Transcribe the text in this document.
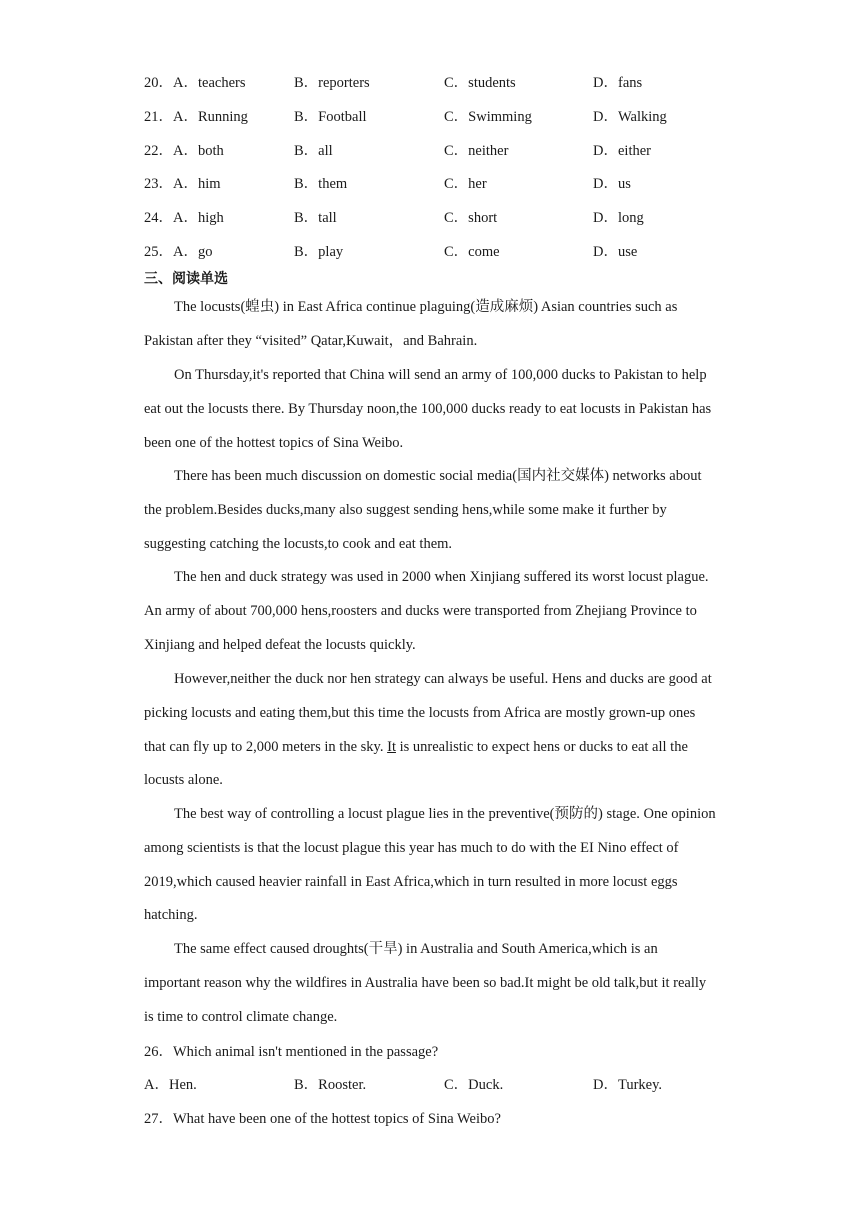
20．A．teachers	B．reporters	C．students	D．fans
21．A．Running	B．Football	C．Swimming	D．Walking
22．A．both	B．all	C．neither	D．either
23．A．him	B．them	C．her	D．us
24．A．high	B．tall	C．short	D．long
25．A．go	B．play	C．come	D．use
三、阅读单选

The locusts(蝗虫) in East Africa continue plaguing(造成麻烦) Asian countries such as Pakistan after they “visited” Qatar,Kuwait，and Bahrain.

On Thursday,it's reported that China will send an army of 100,000 ducks to Pakistan to help eat out the locusts there. By Thursday noon,the 100,000 ducks ready to eat locusts in Pakistan has been one of the hottest topics of Sina Weibo.

There has been much discussion on domestic social media(国内社交媒体) networks about the problem.Besides ducks,many also suggest sending hens,while some make it further by suggesting catching the locusts,to cook and eat them.

The hen and duck strategy was used in 2000 when Xinjiang suffered its worst locust plague. An army of about 700,000 hens,roosters and ducks were transported from Zhejiang Province to Xinjiang and helped defeat the locusts quickly.

However,neither the duck nor hen strategy can always be useful. Hens and ducks are good at picking locusts and eating them,but this time the locusts from Africa are mostly grown-up ones that can fly up to 2,000 meters in the sky. It is unrealistic to expect hens or ducks to eat all the locusts alone.

The best way of controlling a locust plague lies in the preventive(预防的) stage. One opinion among scientists is that the locust plague this year has much to do with the EI Nino effect of 2019,which caused heavier rainfall in East Africa,which in turn resulted in more locust eggs hatching.

The same effect caused droughts(干旱) in Australia and South America,which is an important reason why the wildfires in Australia have been so bad.It might be old talk,but it really is time to control climate change.

26．Which animal isn't mentioned in the passage?
A．Hen.	B．Rooster.	C．Duck.	D．Turkey.
27．What have been one of the hottest topics of Sina Weibo?
